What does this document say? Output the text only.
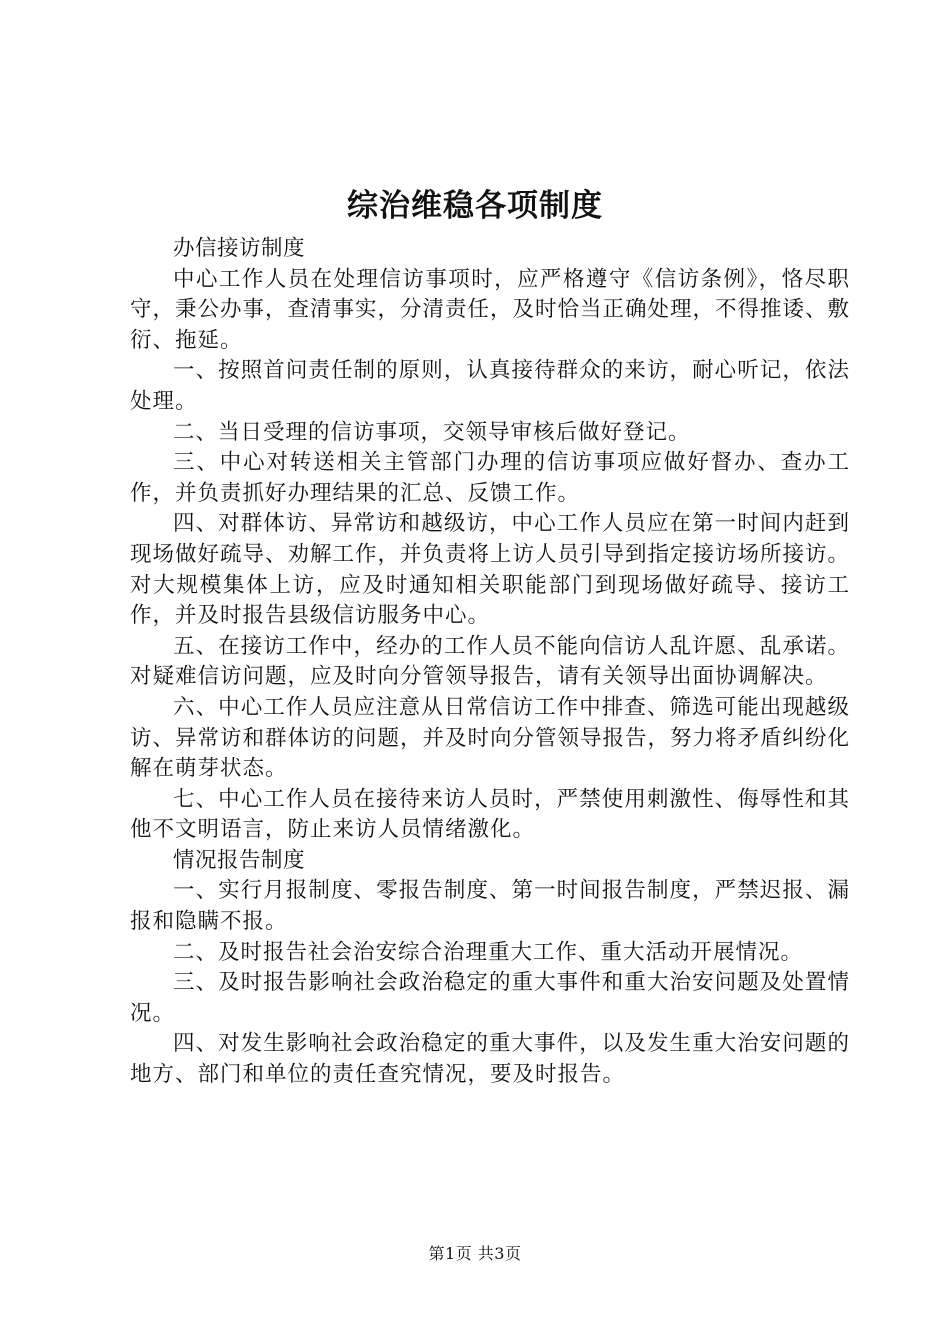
综治维稳各项制度

办信接访制度

中心工作人员在处理信访事项时，应严格遵守《信访条例》，恪尽职守，秉公办事，查清事实，分清责任，及时恰当正确处理，不得推诿、敷衍、拖延。

一、按照首问责任制的原则，认真接待群众的来访，耐心听记，依法处理。

二、当日受理的信访事项，交领导审核后做好登记。

三、中心对转送相关主管部门办理的信访事项应做好督办、查办工作，并负责抓好办理结果的汇总、反馈工作。

四、对群体访、异常访和越级访，中心工作人员应在第一时间内赶到现场做好疏导、劝解工作，并负责将上访人员引导到指定接访场所接访。对大规模集体上访，应及时通知相关职能部门到现场做好疏导、接访工作，并及时报告县级信访服务中心。

五、在接访工作中，经办的工作人员不能向信访人乱许愿、乱承诺。对疑难信访问题，应及时向分管领导报告，请有关领导出面协调解决。

六、中心工作人员应注意从日常信访工作中排查、筛选可能出现越级访、异常访和群体访的问题，并及时向分管领导报告，努力将矛盾纠纷化解在萌芽状态。

七、中心工作人员在接待来访人员时，严禁使用刺激性、侮辱性和其他不文明语言，防止来访人员情绪激化。

情况报告制度

一、实行月报制度、零报告制度、第一时间报告制度，严禁迟报、漏报和隐瞒不报。

二、及时报告社会治安综合治理重大工作、重大活动开展情况。

三、及时报告影响社会政治稳定的重大事件和重大治安问题及处置情况。

四、对发生影响社会政治稳定的重大事件，以及发生重大治安问题的地方、部门和单位的责任查究情况，要及时报告。

第1页 共3页
